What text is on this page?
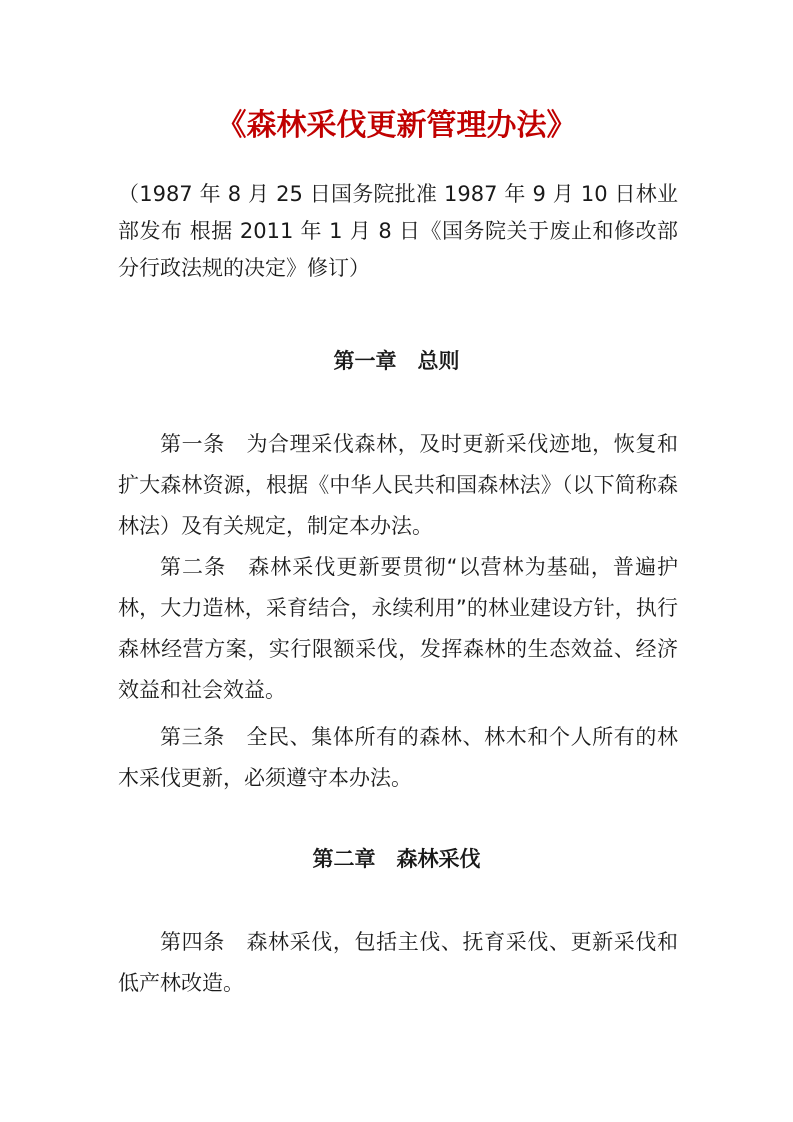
《森林采伐更新管理办法》

（1987 年 8 月 25 日国务院批准 1987 年 9 月 10 日林业部发布 根据 2011 年 1 月 8 日《国务院关于废止和修改部分行政法规的决定》修订）

第一章　总则

第一条　为合理采伐森林，及时更新采伐迹地，恢复和扩大森林资源，根据《中华人民共和国森林法》（以下简称森林法）及有关规定，制定本办法。

第二条　森林采伐更新要贯彻“以营林为基础，普遍护林，大力造林，采育结合，永续利用”的林业建设方针，执行森林经营方案，实行限额采伐，发挥森林的生态效益、经济效益和社会效益。

第三条　全民、集体所有的森林、林木和个人所有的林木采伐更新，必须遵守本办法。

第二章　森林采伐

第四条　森林采伐，包括主伐、抚育采伐、更新采伐和低产林改造。
